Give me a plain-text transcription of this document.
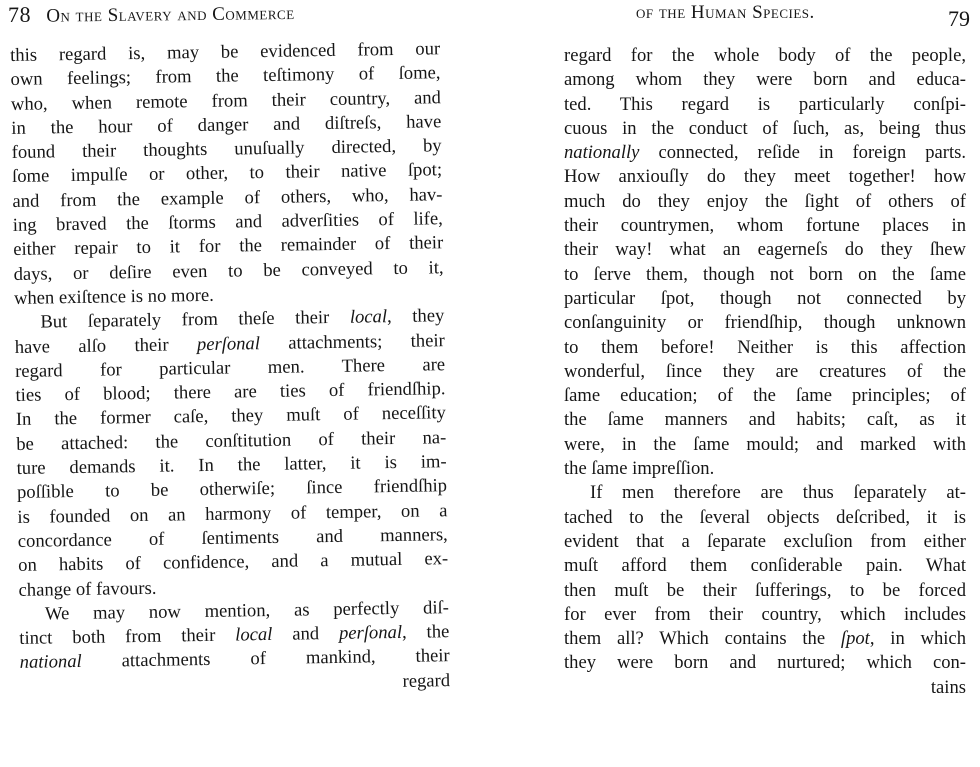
78 On the Slavery and Commerce
this regard is, may be evidenced from our
own feelings; from the teſtimony of ſome,
who, when remote from their country, and
in the hour of danger and diſtreſs, have
found their thoughts unuſually directed, by
ſome impulſe or other, to their native ſpot;
and from the example of others, who, hav-
ing braved the ſtorms and adverſities of life,
either repair to it for the remainder of their
days, or deſire even to be conveyed to it,
when exiſtence is no more.
But ſeparately from theſe their local, they
have alſo their perſonal attachments; their
regard for particular men. There are
ties of blood; there are ties of friendſhip.
In the former caſe, they muſt of neceſſity
be attached: the conſtitution of their na-
ture demands it. In the latter, it is im-
poſſible to be otherwiſe; ſince friendſhip
is founded on an harmony of temper, on a
concordance of ſentiments and manners,
on habits of confidence, and a mutual ex-
change of favours.
We may now mention, as perfectly diſ-
tinct both from their local and perſonal, the
national attachments of mankind, their
regard
of the Human Species.	79
regard for the whole body of the people,
among whom they were born and educa-
ted. This regard is particularly conſpi-
cuous in the conduct of ſuch, as, being thus
nationally connected, reſide in foreign parts.
How anxiouſly do they meet together! how
much do they enjoy the ſight of others of
their countrymen, whom fortune places in
their way! what an eagerneſs do they ſhew
to ſerve them, though not born on the ſame
particular ſpot, though not connected by
conſanguinity or friendſhip, though unknown
to them before! Neither is this affection
wonderful, ſince they are creatures of the
ſame education; of the ſame principles; of
the ſame manners and habits; caſt, as it
were, in the ſame mould; and marked with
the ſame impreſſion.
If men therefore are thus ſeparately at-
tached to the ſeveral objects deſcribed, it is
evident that a ſeparate excluſion from either
muſt afford them conſiderable pain. What
then muſt be their ſufferings, to be forced
for ever from their country, which includes
them all? Which contains the ſpot, in which
they were born and nurtured; which con-
tains
